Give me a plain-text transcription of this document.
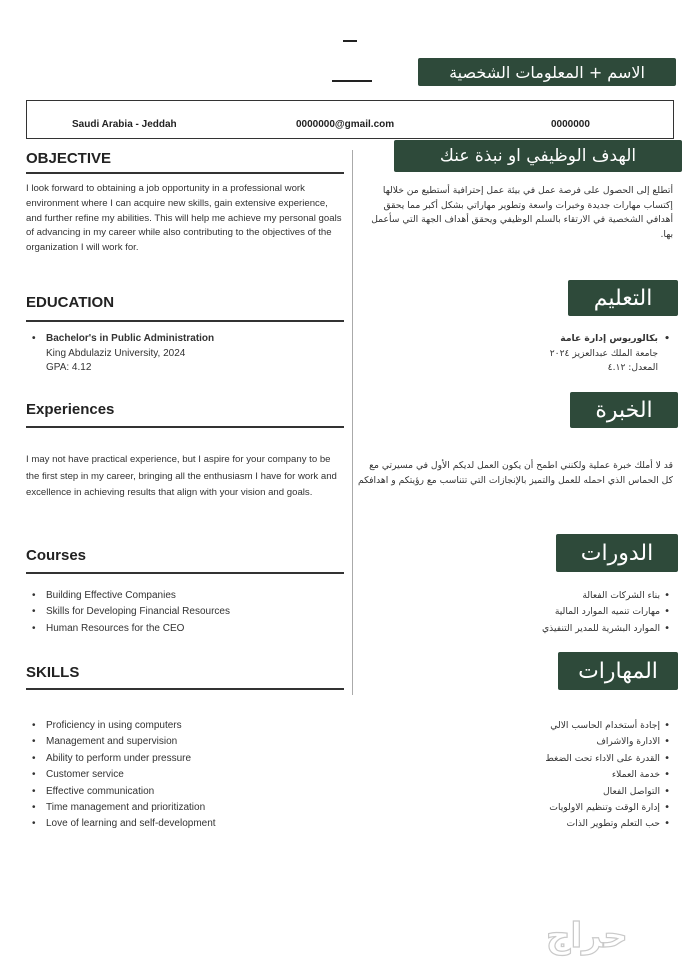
الاسم + المعلومات الشخصية
Saudi Arabia - Jeddah	0000000@gmail.com	0000000
OBJECTIVE	الهدف الوظيفي او نبذة عنك
I look forward to obtaining a job opportunity in a professional work environment where I can acquire new skills, gain extensive experience, and further refine my abilities. This will help me achieve my personal goals of advancing in my career while also contributing to the objectives of the organization I will work for.
أتطلع إلى الحصول على فرصة عمل في بيئة عمل إحترافية أستطيع من خلالها إكتساب مهارات جديدة وخبرات واسعة وتطوير مهاراتي بشكل أكبر مما يحقق أهدافي الشخصية في الارتقاء بالسلم الوظيفي ويحقق أهداف الجهة التي سأعمل بها.
EDUCATION	التعليم
• Bachelor's in Public Administration
King Abdulaziz University, 2024
GPA: 4.12
•
بكالوريوس إدارة عامة
جامعة الملك عبدالعزيز ٢٠٢٤
المعدل: ٤.١٢
Experiences	الخبرة
I may not have practical experience, but I aspire for your company to be the first step in my career, bringing all the enthusiasm I have for work and excellence in achieving results that align with your vision and goals.
قد لا أملك خبرة عملية ولكنني اطمح أن يكون العمل لديكم الأول في مسيرتي مع كل الحماس الذي احمله للعمل والتميز بالإنجازات التي تتناسب مع رؤيتكم و اهدافكم
Courses	الدورات
• Building Effective Companies
• Skills for Developing Financial Resources
• Human Resources for the CEO
• بناء الشركات الفعالة
• مهارات تنميه الموارد المالية
• الموارد البشرية للمدير التنفيذي
SKILLS	المهارات
• Proficiency in using computers
• Management and supervision
• Ability to perform under pressure
• Customer service
• Effective communication
• Time management and prioritization
• Love of learning and self-development
• إجادة أستخدام الحاسب الالي
• الادارة والاشراف
• القدرة على الاداء تحت الضغط
• خدمة العملاء
• التواصل الفعال
• إدارة الوقت وتنظيم الاولويات
• حب التعلم وتطوير الذات
حراج
